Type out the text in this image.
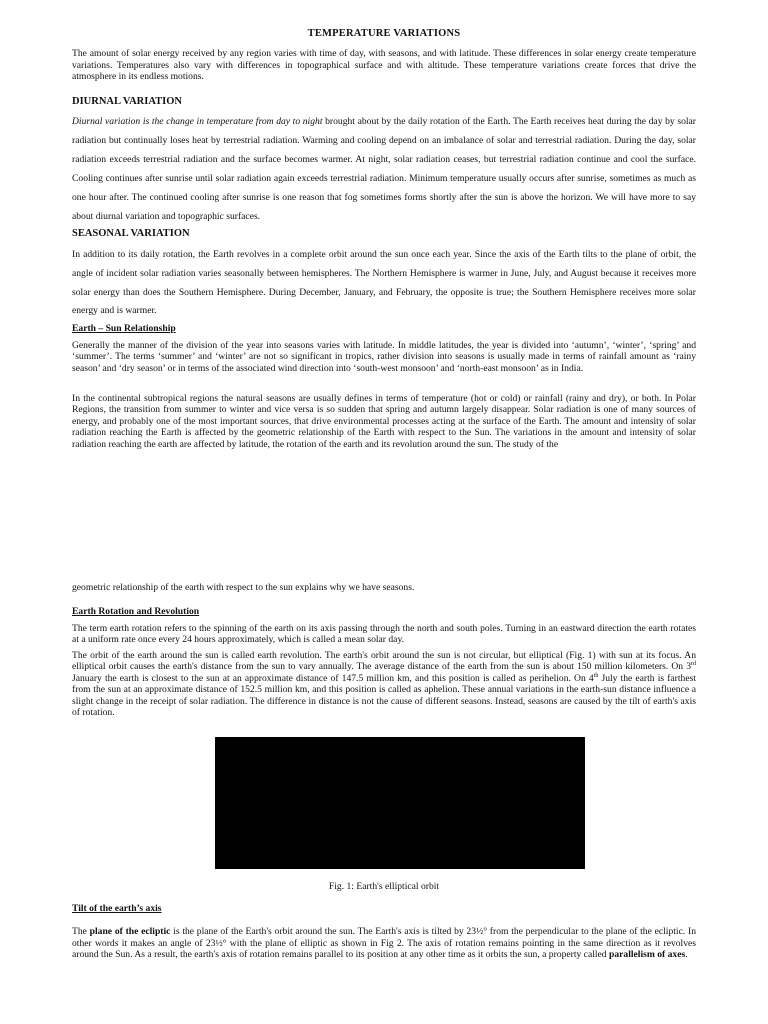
TEMPERATURE VARIATIONS

The amount of solar energy received by any region varies with time of day, with seasons, and with latitude. These differences in solar energy create temperature variations. Temperatures also vary with differences in topographical surface and with altitude. These temperature variations create forces that drive the atmosphere in its endless motions.

DIURNAL VARIATION

Diurnal variation is the change in temperature from day to night brought about by the daily rotation of the Earth. The Earth receives heat during the day by solar radiation but continually loses heat by terrestrial radiation. Warming and cooling depend on an imbalance of solar and terrestrial radiation. During the day, solar radiation exceeds terrestrial radiation and the surface becomes warmer. At night, solar radiation ceases, but terrestrial radiation continue and cool the surface. Cooling continues after sunrise until solar radiation again exceeds terrestrial radiation. Minimum temperature usually occurs after sunrise, sometimes as much as one hour after. The continued cooling after sunrise is one reason that fog sometimes forms shortly after the sun is above the horizon. We will have more to say about diurnal variation and topographic surfaces.

SEASONAL VARIATION

In addition to its daily rotation, the Earth revolves in a complete orbit around the sun once each year. Since the axis of the Earth tilts to the plane of orbit, the angle of incident solar radiation varies seasonally between hemispheres. The Northern Hemisphere is warmer in June, July, and August because it receives more solar energy than does the Southern Hemisphere. During December, January, and February, the opposite is true; the Southern Hemisphere receives more solar energy and is warmer.

Earth – Sun Relationship

Generally the manner of the division of the year into seasons varies with latitude. In middle latitudes, the year is divided into ‘autumn’, ‘winter’, ‘spring’ and ‘summer’. The terms ‘summer’ and ‘winter’ are not so significant in tropics, rather division into seasons is usually made in terms of rainfall amount as ‘rainy season’ and ‘dry season’ or in terms of the associated wind direction into ‘south-west monsoon’ and ‘north-east monsoon’ as in India.

In the continental subtropical regions the natural seasons are usually defines in terms of temperature (hot or cold) or rainfall (rainy and dry), or both. In Polar Regions, the transition from summer to winter and vice versa is so sudden that spring and autumn largely disappear. Solar radiation is one of many sources of energy, and probably one of the most important sources, that drive environmental processes acting at the surface of the Earth. The amount and intensity of solar radiation reaching the Earth is affected by the geometric relationship of the Earth with respect to the Sun. The variations in the amount and intensity of solar radiation reaching the earth are affected by latitude, the rotation of the earth and its revolution around the sun. The study of the

geometric relationship of the earth with respect to the sun explains why we have seasons.

Earth Rotation and Revolution

The term earth rotation refers to the spinning of the earth on its axis passing through the north and south poles. Turning in an eastward direction the earth rotates at a uniform rate once every 24 hours approximately, which is called a mean solar day.

The orbit of the earth around the sun is called earth revolution. The earth's orbit around the sun is not circular, but elliptical (Fig. 1) with sun at its focus. An elliptical orbit causes the earth's distance from the sun to vary annually. The average distance of the earth from the sun is about 150 million kilometers. On 3rd January the earth is closest to the sun at an approximate distance of 147.5 million km, and this position is called as perihelion. On 4th July the earth is farthest from the sun at an approximate distance of 152.5 million km, and this position is called as aphelion. These annual variations in the earth-sun distance influence a slight change in the receipt of solar radiation. The difference in distance is not the cause of different seasons. Instead, seasons are caused by the tilt of earth's axis of rotation.

Fig. 1: Earth's elliptical orbit

Tilt of the earth’s axis

The plane of the ecliptic is the plane of the Earth's orbit around the sun. The Earth's axis is tilted by 23½° from the perpendicular to the plane of the ecliptic. In other words it makes an angle of 23½° with the plane of elliptic as shown in Fig 2. The axis of rotation remains pointing in the same direction as it revolves around the Sun. As a result, the earth's axis of rotation remains parallel to its position at any other time as it orbits the sun, a property called parallelism of axes.
